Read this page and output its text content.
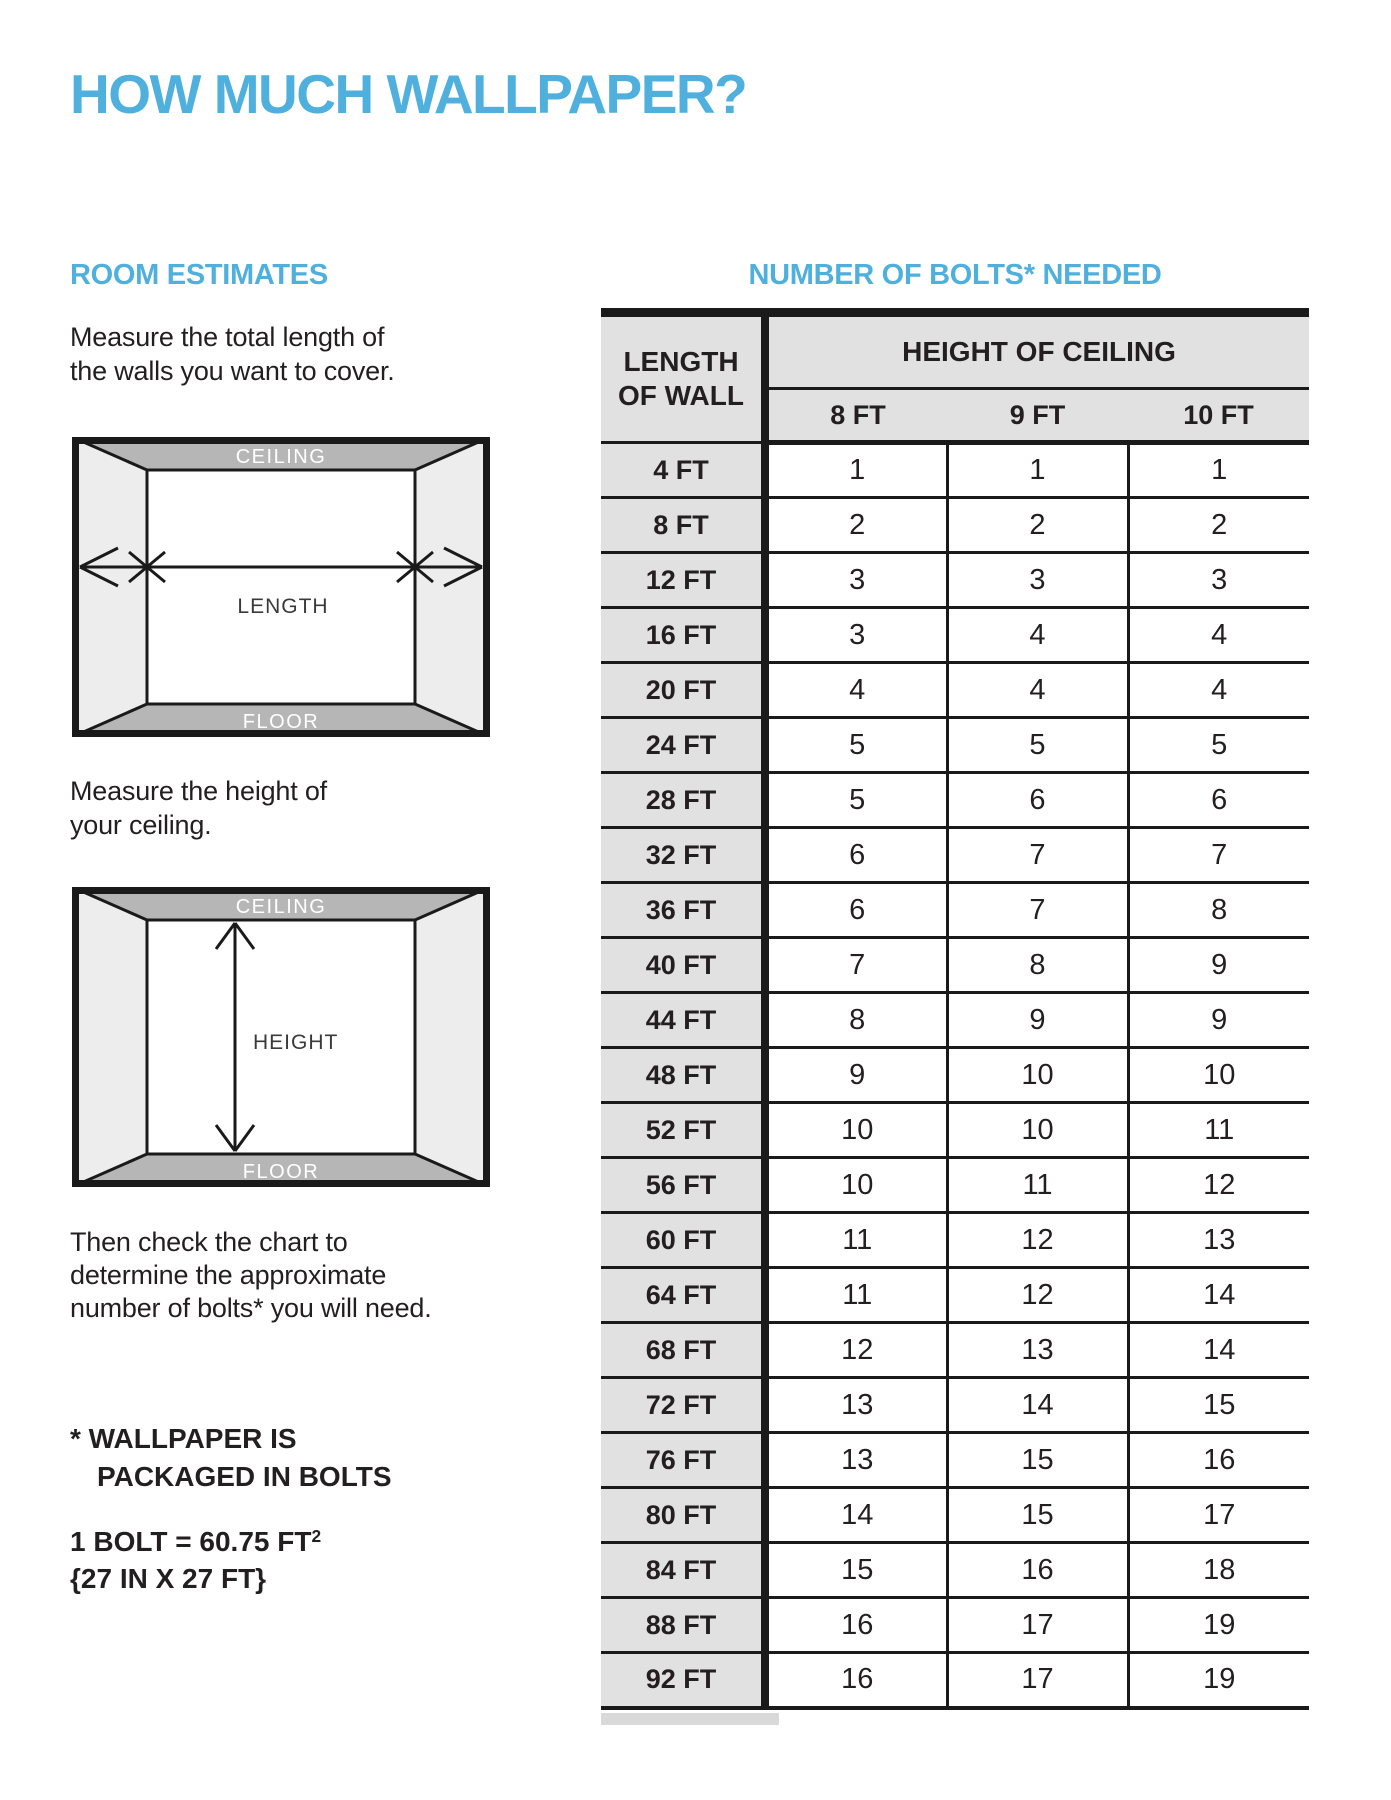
HOW MUCH WALLPAPER?
ROOM ESTIMATES	NUMBER OF BOLTS* NEEDED

Measure the total length of
the walls you want to cover.

CEILING
FLOOR
LENGTH

Measure the height of
your ceiling.

CEILING
FLOOR
HEIGHT

Then check the chart to
determine the approximate
number of bolts* you will need.

* WALLPAPER IS
PACKAGED IN BOLTS
1 BOLT = 60.75 $FT^2$
{27 IN X 27 FT}
LENGTH
OF WALL	HEIGHT OF CEILING		
	8 FT	9 FT	10 FT
4 FT	1	1	1
8 FT	2	2	2
12 FT	3	3	3
16 FT	3	4	4
20 FT	4	4	4
24 FT	5	5	5
28 FT	5	6	6
32 FT	6	7	7
36 FT	6	7	8
40 FT	7	8	9
44 FT	8	9	9
48 FT	9	10	10
52 FT	10	10	11
56 FT	10	11	12
60 FT	11	12	13
64 FT	11	12	14
68 FT	12	13	14
72 FT	13	14	15
76 FT	13	15	16
80 FT	14	15	17
84 FT	15	16	18
88 FT	16	17	19
92 FT	16	17	19
